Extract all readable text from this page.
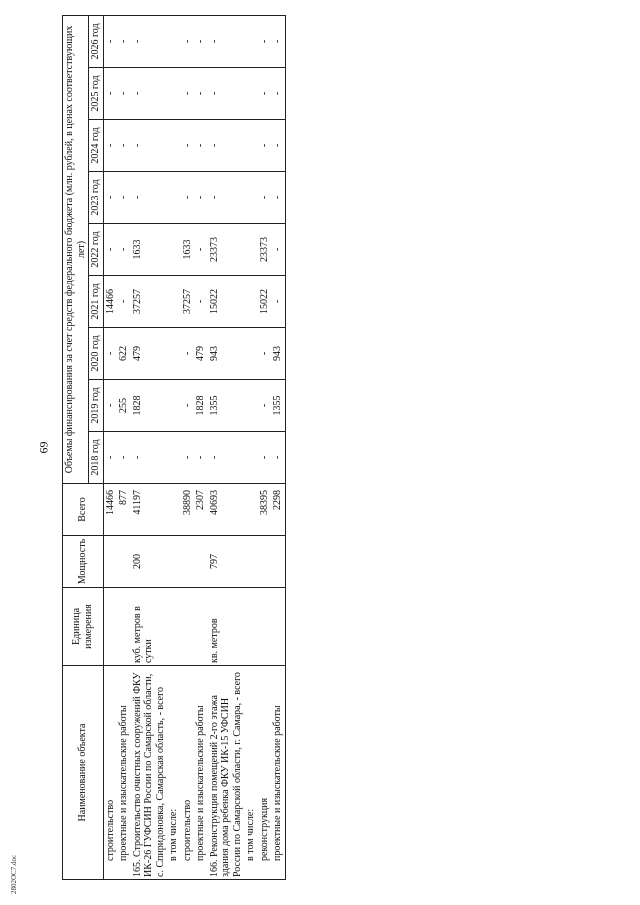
69
2802OC7.doc
Наименование объекта	Единица измерения	Мощность	Всего	Объемы финансирования за счет средств федерального бюджета (млн. рублей, в ценах соответствующих лет)								
				2018 год	2019 год	2020 год	2021 год	2022 год	2023 год	2024 год	2025 год	2026 год
строительство			14466	-	-	-	14466	-	-	-	-	-
проектные и изыскательские работы			877	-	255	622	-	-	-	-	-	-
165. Строительство очистных сооружений ФКУ ИК-26 ГУФСИН России по Самарской области, с. Спиридоновка, Самарская область, - всего	куб. метров в сутки	200	41197	-	1828	479	37257	1633	-	-	-	-
в том числе:												
строительство			38890	-	-	-	37257	1633	-	-	-	-
проектные и изыскательские работы			2307	-	1828	479	-	-	-	-	-	-
166. Реконструкция помещений 2-го этажа здания дома ребенка ФКУ ИК-15 УФСИН России по Самарской области, г. Самара, - всего	кв. метров	797	40693	-	1355	943	15022	23373	-	-	-	-
в том числе:												
реконструкция			38395	-	-	-	15022	23373	-	-	-	-
проектные и изыскательские работы			2298	-	1355	943	-	-	-	-	-	-
